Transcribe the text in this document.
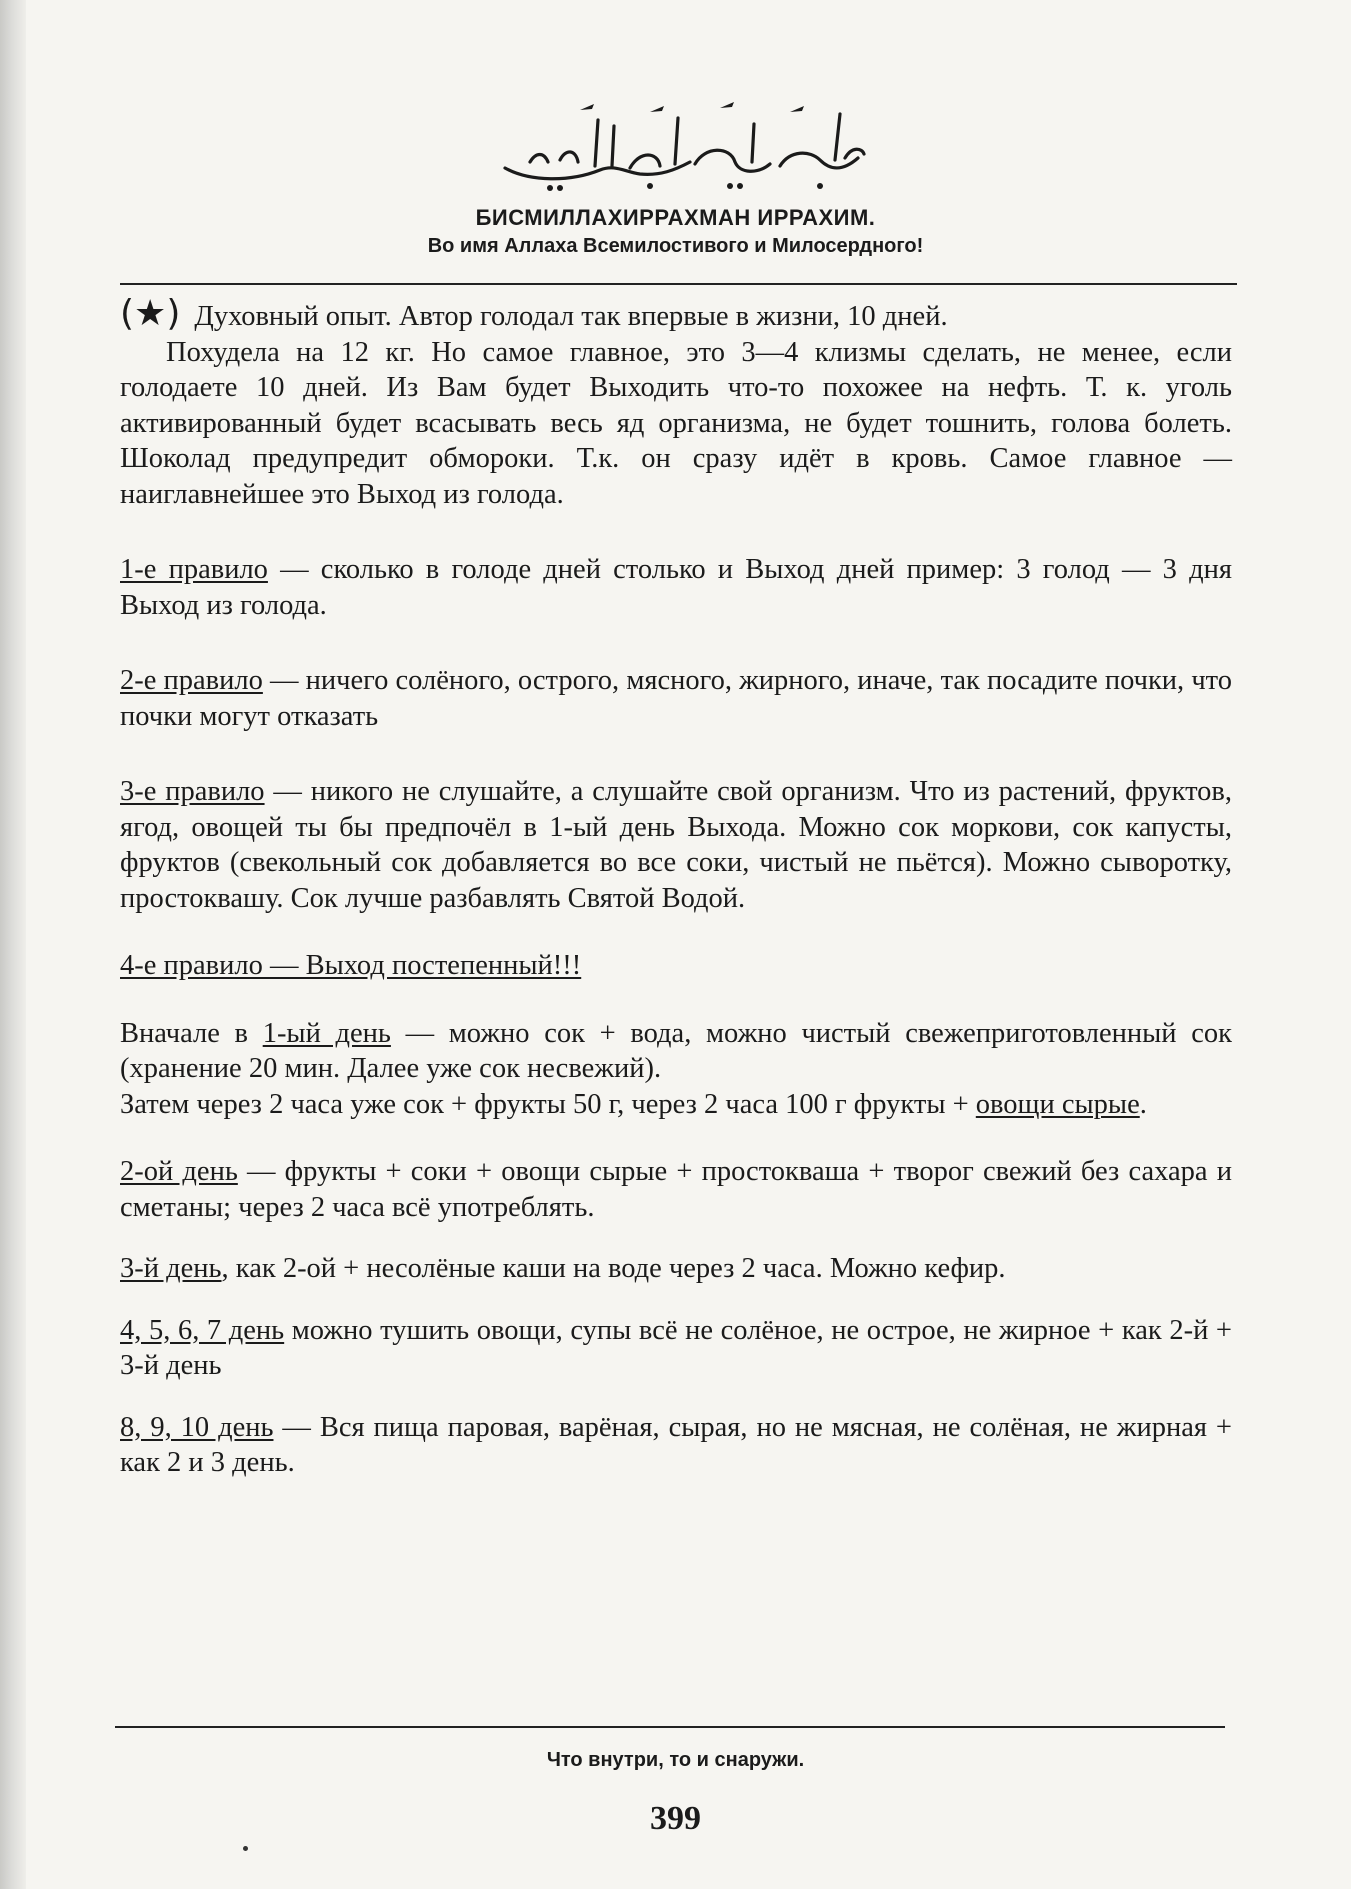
БИСМИЛЛАХИРРАХМАН ИРРАХИМ.
Во имя Аллаха Всемилостивого и Милосердного!

(★) Духовный опыт. Автор голодал так впервые в жизни, 10 дней.

Похудела на 12 кг. Но самое главное, это 3—4 клизмы сделать, не менее, если голодаете 10 дней. Из Вам будет Выходить что-то похожее на нефть. Т. к. уголь активированный будет всасывать весь яд организма, не будет тошнить, голова болеть. Шоколад предупредит обмороки. Т.к. он сразу идёт в кровь. Самое главное — наиглавнейшее это Выход из голода.

1-е правило — сколько в голоде дней столько и Выход дней пример: 3 голод — 3 дня Выход из голода.

2-е правило — ничего солёного, острого, мясного, жирного, иначе, так посадите почки, что почки могут отказать

3-е правило — никого не слушайте, а слушайте свой организм. Что из растений, фруктов, ягод, овощей ты бы предпочёл в 1-ый день Выхода. Можно сок моркови, сок капусты, фруктов (свекольный сок добавляется во все соки, чистый не пьётся). Можно сыворотку, простоквашу. Сок лучше разбавлять Святой Водой.

4-е правило — Выход постепенный!!!

Вначале в 1-ый день — можно сок + вода, можно чистый свежеприготовленный сок (хранение 20 мин. Далее уже сок несвежий).
Затем через 2 часа уже сок + фрукты 50 г, через 2 часа 100 г фрукты + овощи сырые.

2-ой день — фрукты + соки + овощи сырые + простокваша + творог свежий без сахара и сметаны; через 2 часа всё употреблять.

3-й день, как 2-ой + несолёные каши на воде через 2 часа. Можно кефир.

4, 5, 6, 7 день можно тушить овощи, супы всё не солёное, не острое, не жирное + как 2-й + 3-й день

8, 9, 10 день — Вся пища паровая, варёная, сырая, но не мясная, не солёная, не жирная + как 2 и 3 день.

Что внутри, то и снаружи.
399
